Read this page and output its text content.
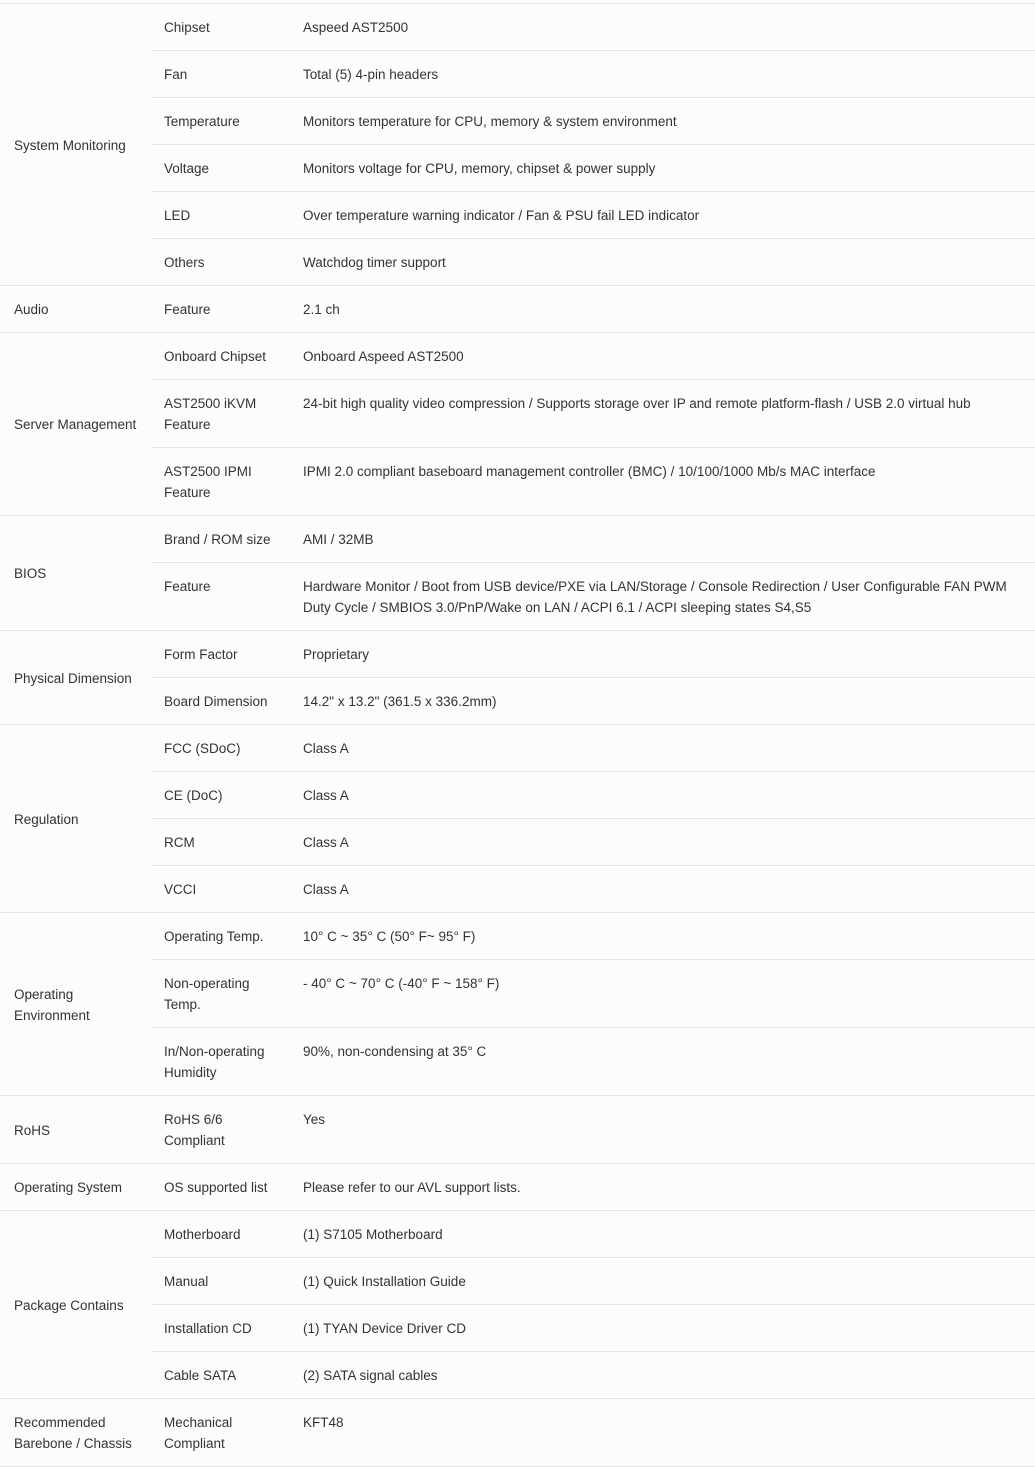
System Monitoring	Chipset	Aspeed AST2500
	Fan	Total (5) 4-pin headers
	Temperature	Monitors temperature for CPU, memory & system environment
	Voltage	Monitors voltage for CPU, memory, chipset & power supply
	LED	Over temperature warning indicator / Fan & PSU fail LED indicator
	Others	Watchdog timer support
Audio	Feature	2.1 ch
Server Management	Onboard Chipset	Onboard Aspeed AST2500
	AST2500 iKVM Feature	24-bit high quality video compression / Supports storage over IP and remote platform-flash / USB 2.0 virtual hub
	AST2500 IPMI Feature	IPMI 2.0 compliant baseboard management controller (BMC) / 10/100/1000 Mb/s MAC interface
BIOS	Brand / ROM size	AMI / 32MB
	Feature	Hardware Monitor / Boot from USB device/PXE via LAN/Storage / Console Redirection / User Configurable FAN PWM Duty Cycle / SMBIOS 3.0/PnP/Wake on LAN / ACPI 6.1 / ACPI sleeping states S4,S5
Physical Dimension	Form Factor	Proprietary
	Board Dimension	14.2" x 13.2" (361.5 x 336.2mm)
Regulation	FCC (SDoC)	Class A
	CE (DoC)	Class A
	RCM	Class A
	VCCI	Class A
Operating Environment	Operating Temp.	10° C ~ 35° C (50° F~ 95° F)
	Non-operating Temp.	- 40° C ~ 70° C (-40° F ~ 158° F)
	In/Non-operating Humidity	90%, non-condensing at 35° C
RoHS	RoHS 6/6 Compliant	Yes
Operating System	OS supported list	Please refer to our AVL support lists.
Package Contains	Motherboard	(1) S7105 Motherboard
	Manual	(1) Quick Installation Guide
	Installation CD	(1) TYAN Device Driver CD
	Cable SATA	(2) SATA signal cables
Recommended Barebone / Chassis	Mechanical Compliant	KFT48
